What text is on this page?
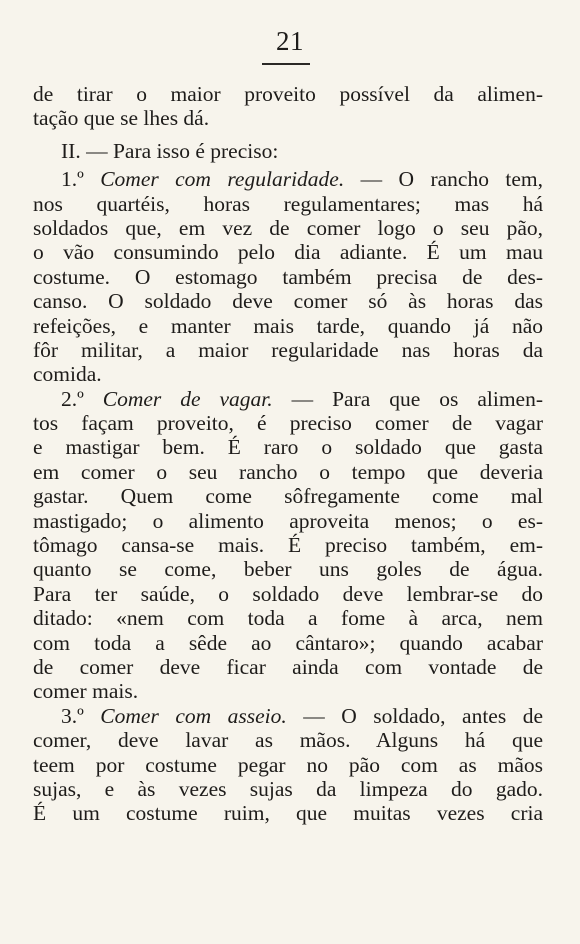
21
de tirar o maior proveito possível da alimen-
tação que se lhes dá.
II. — Para isso é preciso:
1.º Comer com regularidade. — O rancho tem,
nos quartéis, horas regulamentares; mas há
soldados que, em vez de comer logo o seu pão,
o vão consumindo pelo dia adiante. É um mau
costume. O estomago também precisa de des-
canso. O soldado deve comer só às horas das
refeições, e manter mais tarde, quando já não
fôr militar, a maior regularidade nas horas da
comida.
2.º Comer de vagar. — Para que os alimen-
tos façam proveito, é preciso comer de vagar
e mastigar bem. É raro o soldado que gasta
em comer o seu rancho o tempo que deveria
gastar. Quem come sôfregamente come mal
mastigado; o alimento aproveita menos; o es-
tômago cansa-se mais. É preciso também, em-
quanto se come, beber uns goles de água.
Para ter saúde, o soldado deve lembrar-se do
ditado: «nem com toda a fome à arca, nem
com toda a sêde ao cântaro»; quando acabar
de comer deve ficar ainda com vontade de
comer mais.
3.º Comer com asseio. — O soldado, antes de
comer, deve lavar as mãos. Alguns há que
teem por costume pegar no pão com as mãos
sujas, e às vezes sujas da limpeza do gado.
É um costume ruim, que muitas vezes cria
